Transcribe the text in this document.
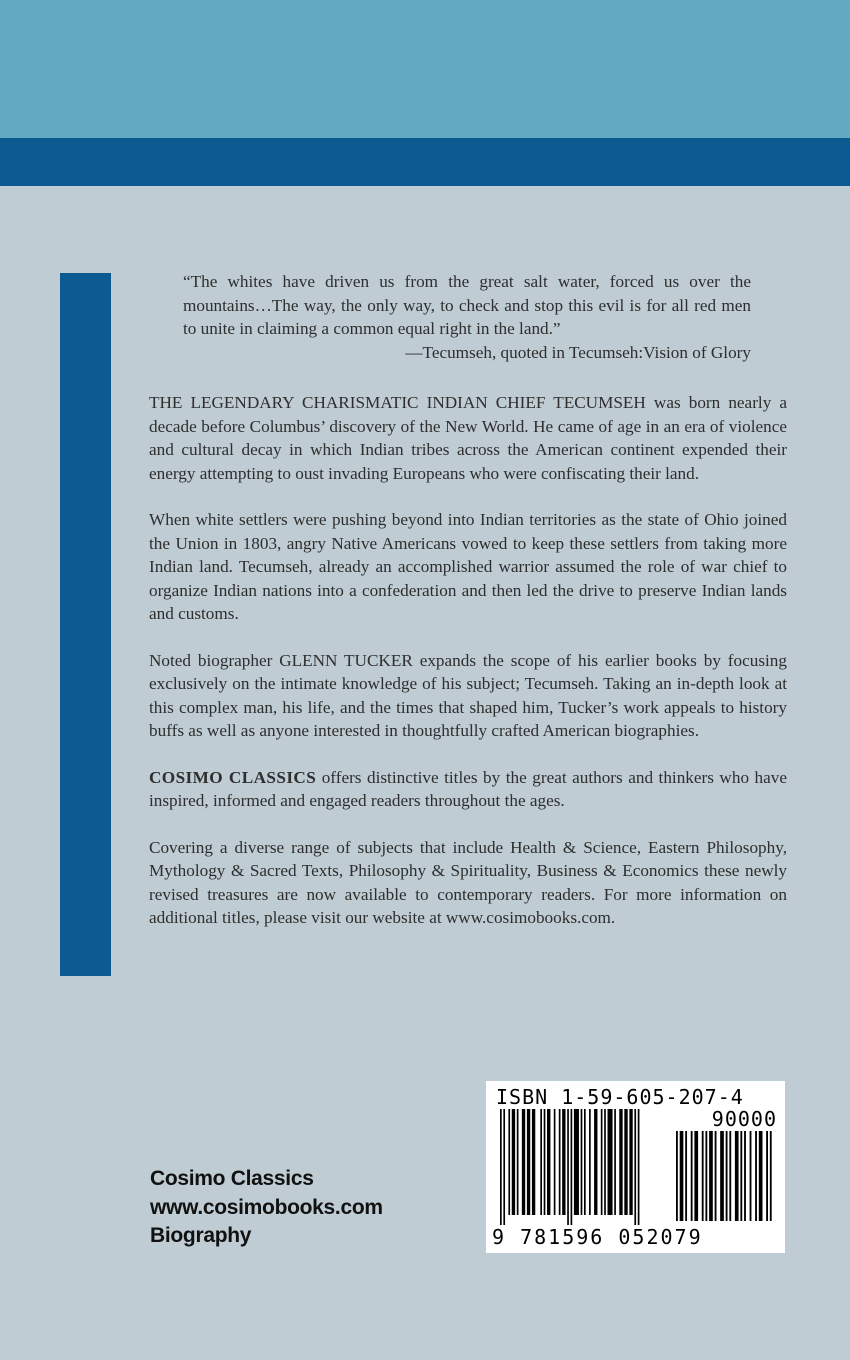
“The whites have driven us from the great salt water, forced us over the mountains…The way, the only way, to check and stop this evil is for all red men to unite in claiming a common equal right in the land.”

—Tecumseh, quoted in Tecumseh:Vision of Glory

THE LEGENDARY CHARISMATIC INDIAN CHIEF TECUMSEH was born nearly a decade before Columbus’ discovery of the New World. He came of age in an era of violence and cultural decay in which Indian tribes across the American continent expended their energy attempting to oust invading Europeans who were confiscating their land.

When white settlers were pushing beyond into Indian territories as the state of Ohio joined the Union in 1803, angry Native Americans vowed to keep these settlers from taking more Indian land. Tecumseh, already an accomplished warrior assumed the role of war chief to organize Indian nations into a confederation and then led the drive to preserve Indian lands and customs.

Noted biographer GLENN TUCKER expands the scope of his earlier books by focusing exclusively on the intimate knowledge of his subject; Tecumseh. Taking an in-depth look at this complex man, his life, and the times that shaped him, Tucker’s work appeals to history buffs as well as anyone interested in thoughtfully crafted American biographies.

COSIMO CLASSICS offers distinctive titles by the great authors and thinkers who have inspired, informed and engaged readers throughout the ages.

Covering a diverse range of subjects that include Health & Science, Eastern Philosophy, Mythology & Sacred Texts, Philosophy & Spirituality, Business & Economics these newly revised treasures are now available to contemporary readers. For more information on additional titles, please visit our website at www.cosimobooks.com.

Cosimo Classics
www.cosimobooks.com
Biography
ISBN 1-59-605-207-4
90000
9 781596 052079
